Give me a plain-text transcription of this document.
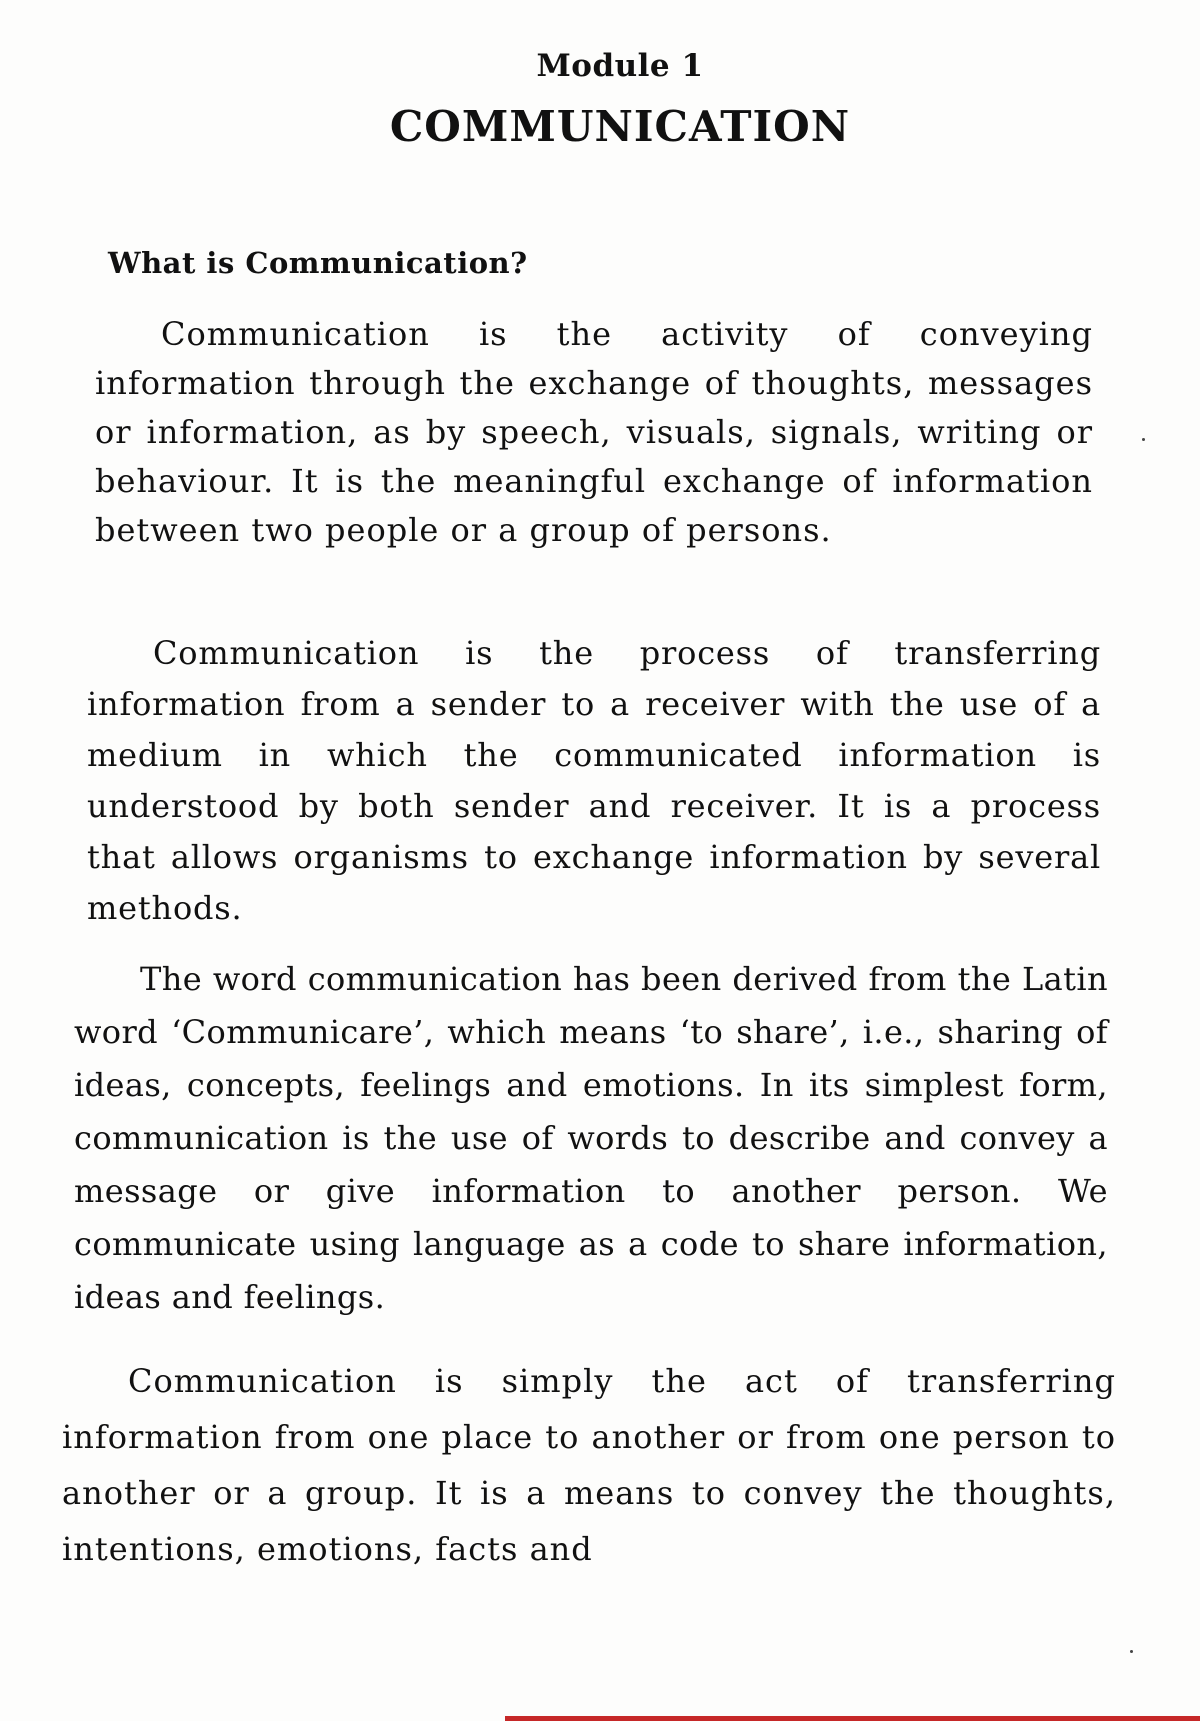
Module 1
COMMUNICATION
What is Communication?

Communication is the activity of conveying information through the exchange of thoughts, messages or information, as by speech, visuals, signals, writing or behaviour. It is the meaningful exchange of information between two people or a group of persons.

Communication is the process of transferring information from a sender to a receiver with the use of a medium in which the communicated information is understood by both sender and receiver. It is a process that allows organisms to exchange information by several methods.

The word communication has been derived from the Latin word ‘Communicare’, which means ‘to share’, i.e., sharing of ideas, concepts, feelings and emotions. In its simplest form, communication is the use of words to describe and convey a message or give information to another person. We communicate using language as a code to share information, ideas and feelings.

Communication is simply the act of transferring information from one place to another or from one person to another or a group. It is a means to convey the thoughts, intentions, emotions, facts and
